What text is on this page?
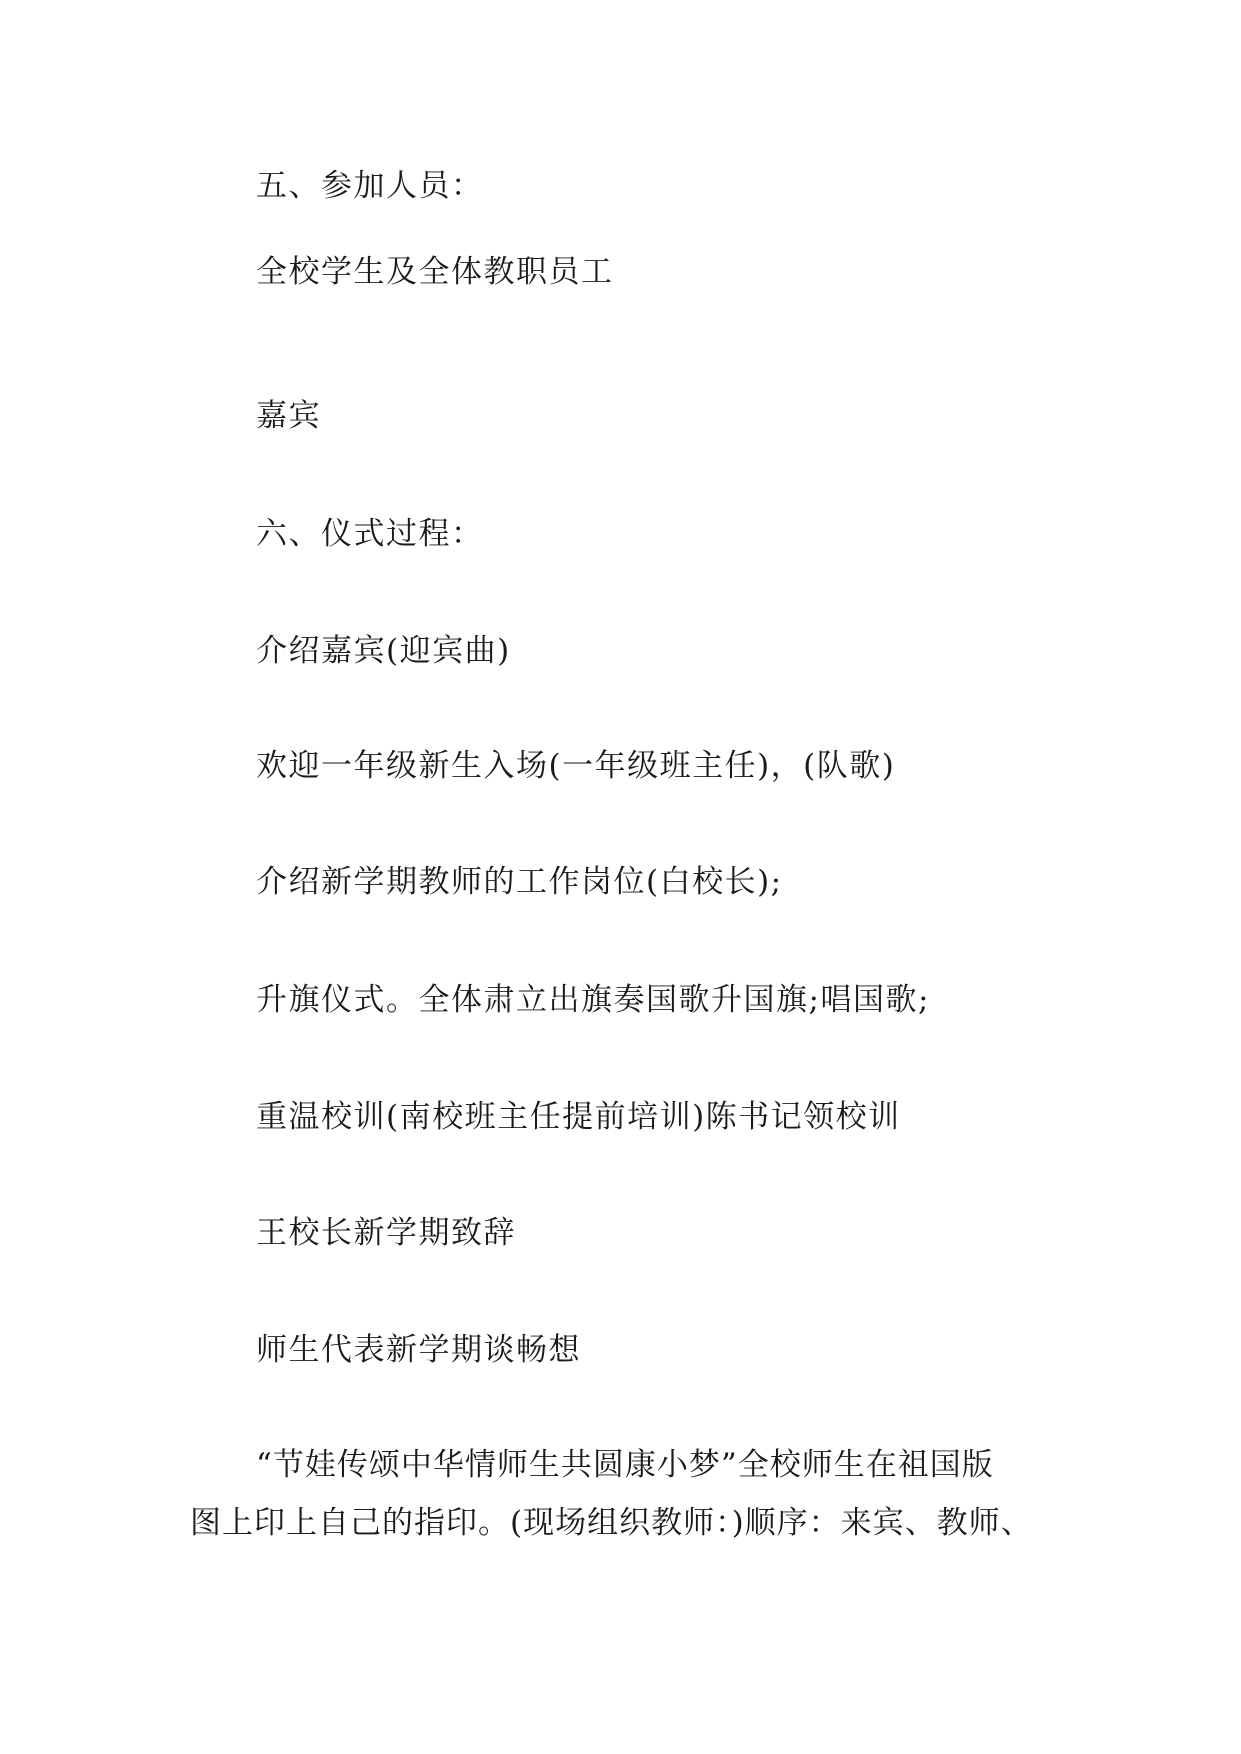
五、参加人员：

全校学生及全体教职员工

嘉宾

六、仪式过程：

介绍嘉宾(迎宾曲)

欢迎一年级新生入场(一年级班主任)，(队歌)

介绍新学期教师的工作岗位(白校长);

升旗仪式。全体肃立出旗奏国歌升国旗;唱国歌;

重温校训(南校班主任提前培训)陈书记领校训

王校长新学期致辞

师生代表新学期谈畅想

“节娃传颂中华情师生共圆康小梦”全校师生在祖国版
图上印上自己的指印。(现场组织教师：)顺序：来宾、教师、
